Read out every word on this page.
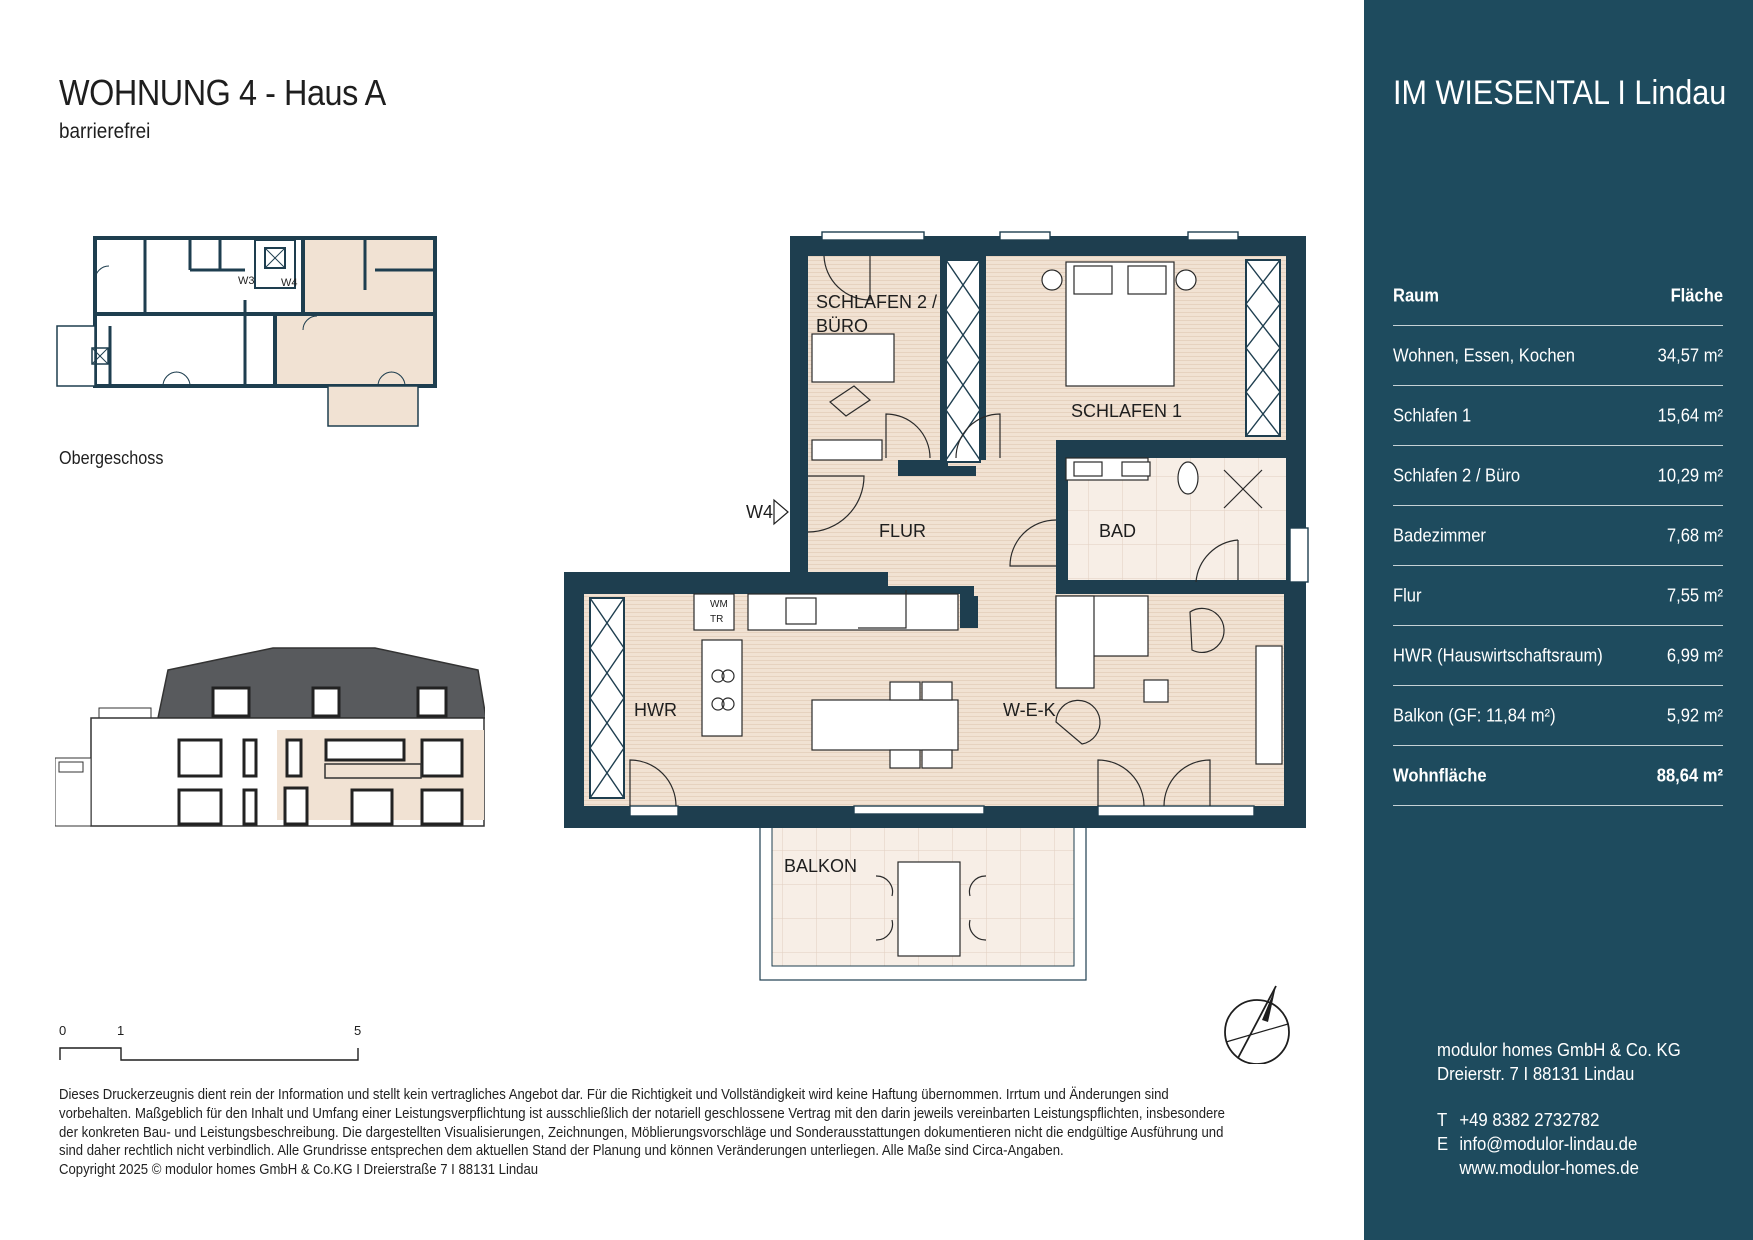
WOHNUNG 4 - Haus A
barrierefrei
W3 W4
Obergeschoss
SCHLAFEN 2 /
BÜRO
SCHLAFEN 1
FLUR	BAD
HWR	W-E-K
BALKON
W4
WM
TR
0	1	5
Dieses Druckerzeugnis dient rein der Information und stellt kein vertragliches Angebot dar. Für die Richtigkeit und Vollständigkeit wird keine Haftung übernommen. Irrtum und Änderungen sind
vorbehalten. Maßgeblich für den Inhalt und Umfang einer Leistungsverpflichtung ist ausschließlich der notariell geschlossene Vertrag mit den darin jeweils vereinbarten Leistungspflichten, insbesondere
der konkreten Bau- und Leistungsbeschreibung. Die dargestellten Visualisierungen, Zeichnungen, Möblierungsvorschläge und Sonderausstattungen dokumentieren nicht die endgültige Ausführung und
sind daher rechtlich nicht verbindlich. Alle Grundrisse entsprechen dem aktuellen Stand der Planung und können Veränderungen unterliegen. Alle Maße sind Circa-Angaben.
Copyright 2025 © modulor homes GmbH & Co.KG I Dreierstraße 7 I 88131 Lindau
IM WIESENTAL I Lindau
Raum	Fläche
Wohnen, Essen, Kochen	34,57 m²
Schlafen 1	15,64 m²
Schlafen 2 / Büro	10,29 m²
Badezimmer	7,68 m²
Flur	7,55 m²
HWR (Hauswirtschaftsraum)	6,99 m²
Balkon (GF: 11,84 m²)	5,92 m²
Wohnfläche	88,64 m²
modulor homes GmbH & Co. KG
Dreierstr. 7 I 88131 Lindau
T +49 8382 2732782
E info@modulor-lindau.de
www.modulor-homes.de
